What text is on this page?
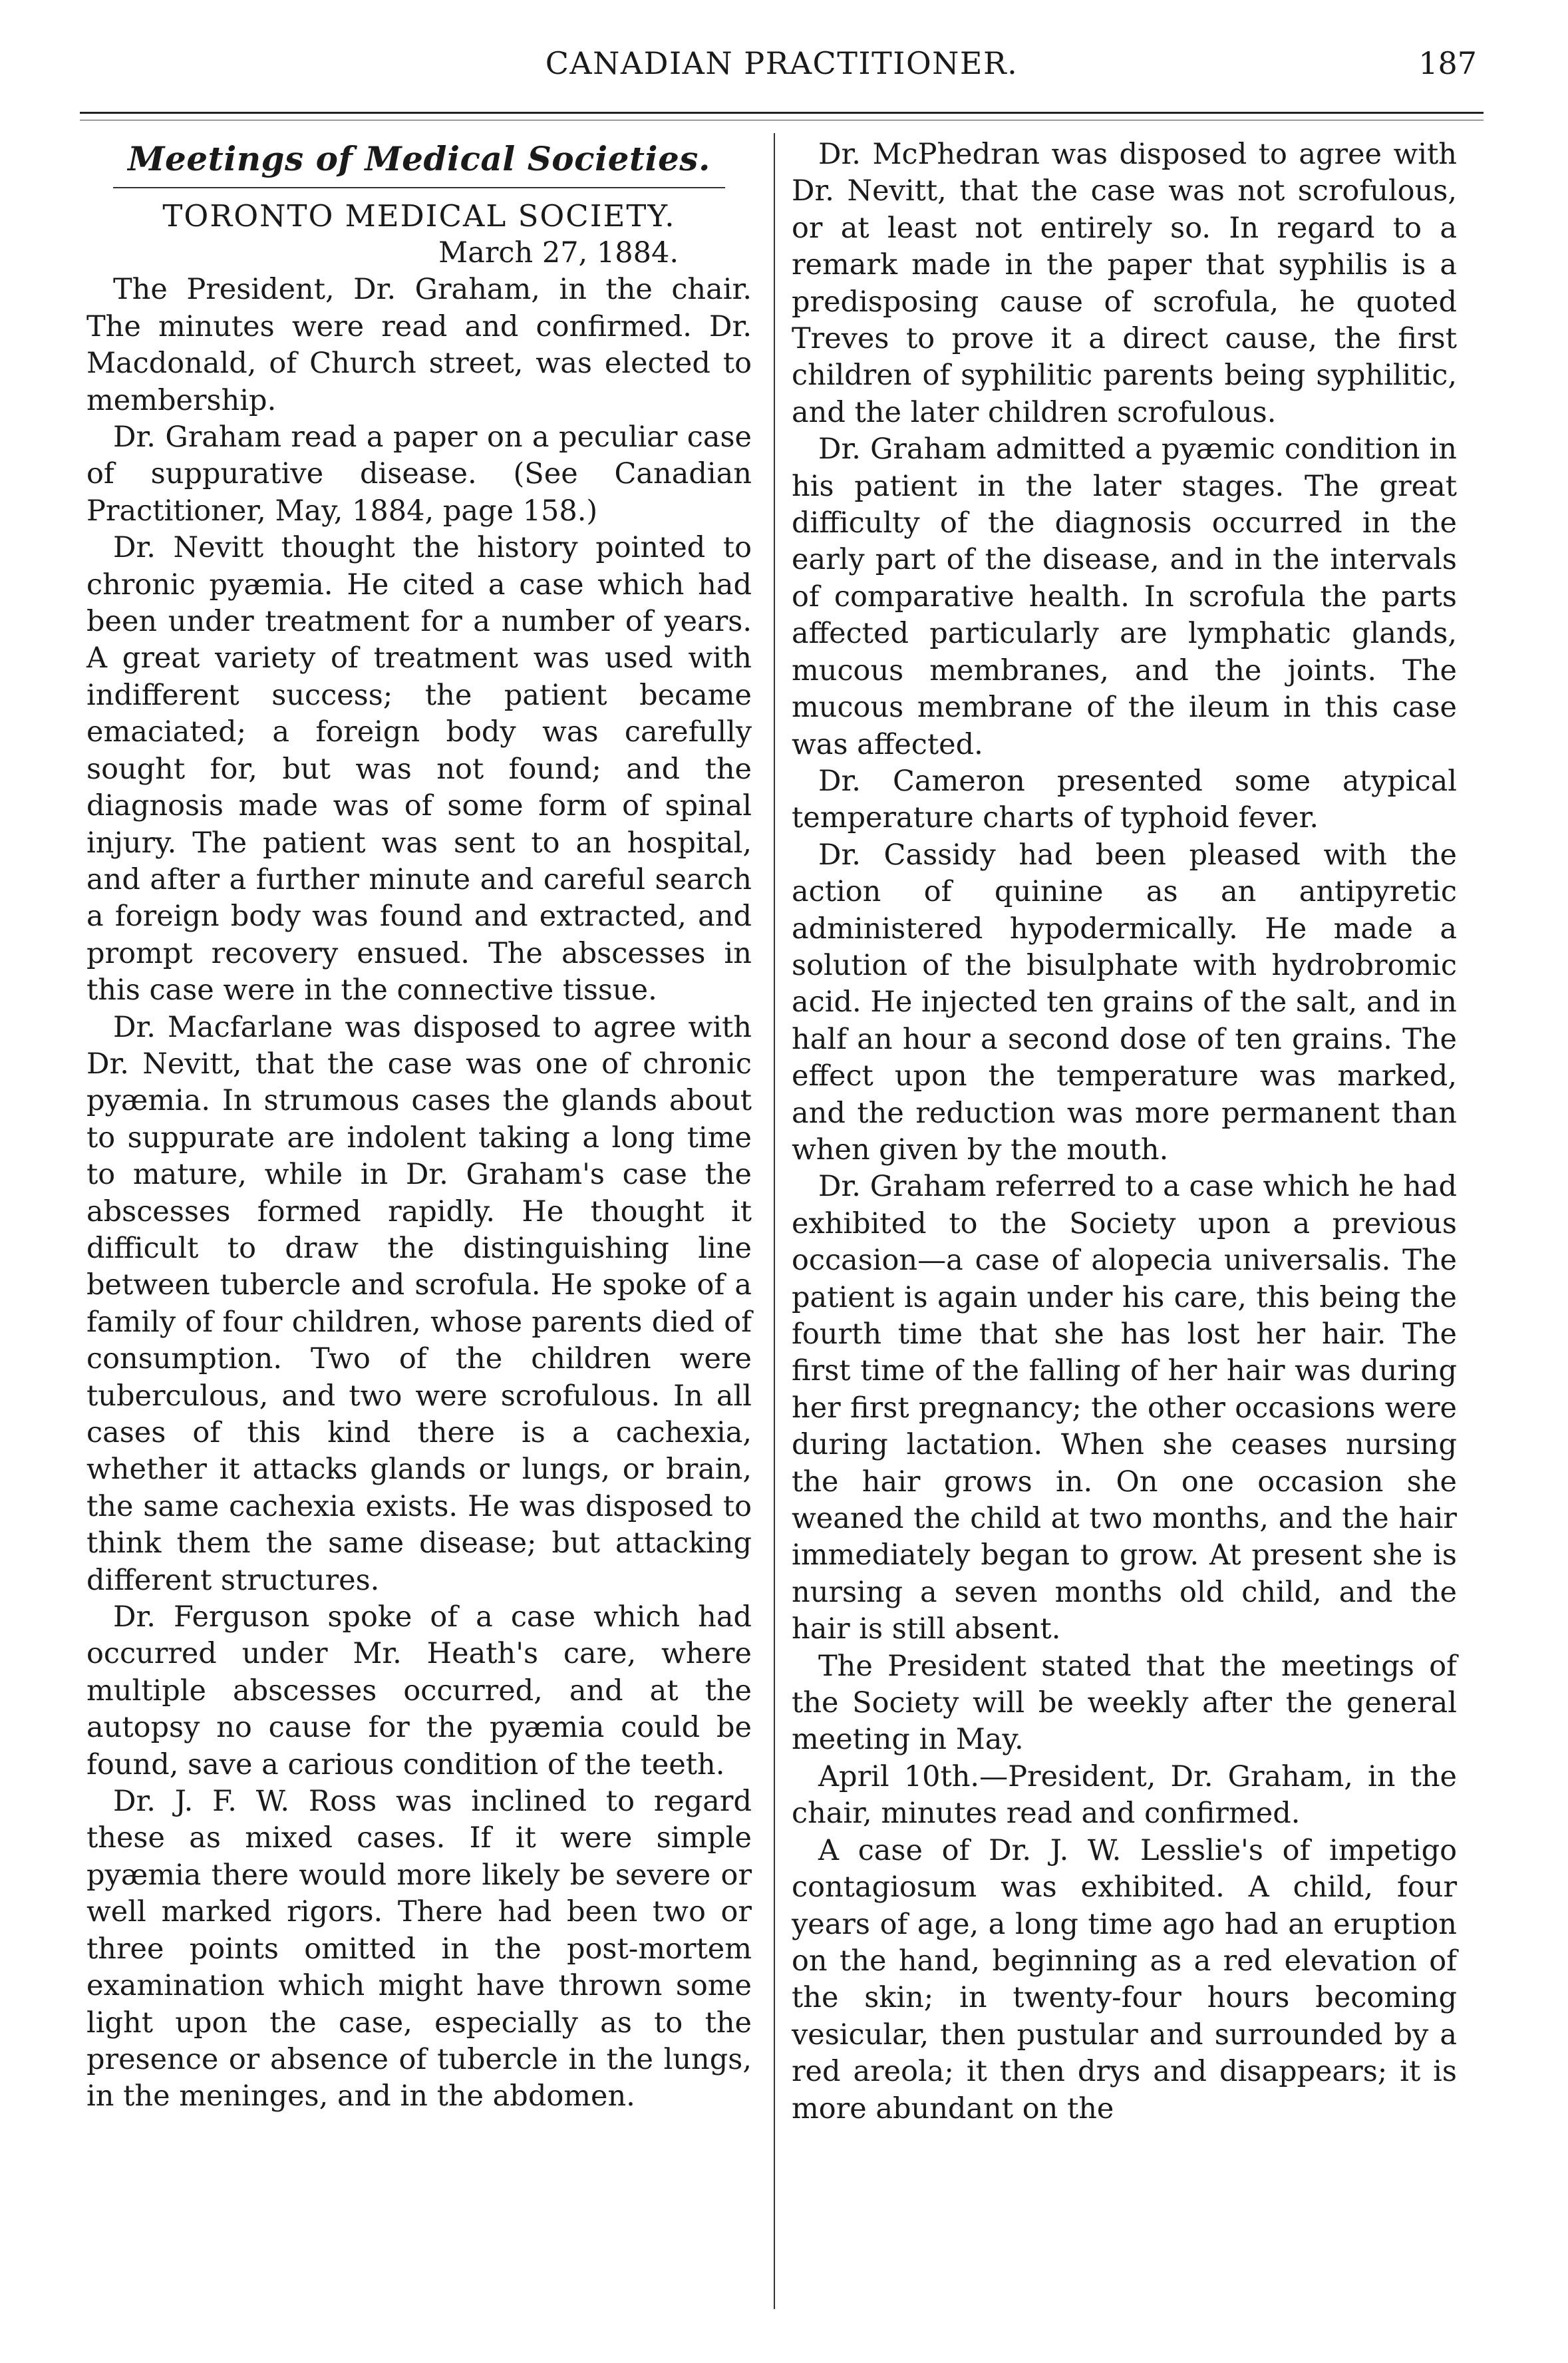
CANADIAN PRACTITIONER.	187
Meetings of Medical Societies.
TORONTO MEDICAL SOCIETY.
March 27, 1884.

The President, Dr. Graham, in the chair. The minutes were read and confirmed. Dr. Macdonald, of Church street, was elected to membership.

Dr. Graham read a paper on a peculiar case of suppurative disease. (See Canadian Practitioner, May, 1884, page 158.)

Dr. Nevitt thought the history pointed to chronic pyæmia. He cited a case which had been under treatment for a number of years. A great variety of treatment was used with indifferent success; the patient became emaciated; a foreign body was carefully sought for, but was not found; and the diagnosis made was of some form of spinal injury. The patient was sent to an hospital, and after a further minute and careful search a foreign body was found and extracted, and prompt recovery ensued. The abscesses in this case were in the connective tissue.

Dr. Macfarlane was disposed to agree with Dr. Nevitt, that the case was one of chronic pyæmia. In strumous cases the glands about to suppurate are indolent taking a long time to mature, while in Dr. Graham's case the abscesses formed rapidly. He thought it difficult to draw the distinguishing line between tubercle and scrofula. He spoke of a family of four children, whose parents died of consumption. Two of the children were tuberculous, and two were scrofulous. In all cases of this kind there is a cachexia, whether it attacks glands or lungs, or brain, the same cachexia exists. He was disposed to think them the same disease; but attacking different structures.

Dr. Ferguson spoke of a case which had occurred under Mr. Heath's care, where multiple abscesses occurred, and at the autopsy no cause for the pyæmia could be found, save a carious condition of the teeth.

Dr. J. F. W. Ross was inclined to regard these as mixed cases. If it were simple pyæmia there would more likely be severe or well marked rigors. There had been two or three points omitted in the post-mortem examination which might have thrown some light upon the case, especially as to the presence or absence of tubercle in the lungs, in the meninges, and in the abdomen.

Dr. McPhedran was disposed to agree with Dr. Nevitt, that the case was not scrofulous, or at least not entirely so. In regard to a remark made in the paper that syphilis is a predisposing cause of scrofula, he quoted Treves to prove it a direct cause, the first children of syphilitic parents being syphilitic, and the later children scrofulous.

Dr. Graham admitted a pyæmic condition in his patient in the later stages. The great difficulty of the diagnosis occurred in the early part of the disease, and in the intervals of comparative health. In scrofula the parts affected particularly are lymphatic glands, mucous membranes, and the joints. The mucous membrane of the ileum in this case was affected.

Dr. Cameron presented some atypical temperature charts of typhoid fever.

Dr. Cassidy had been pleased with the action of quinine as an antipyretic administered hypodermically. He made a solution of the bisulphate with hydrobromic acid. He injected ten grains of the salt, and in half an hour a second dose of ten grains. The effect upon the temperature was marked, and the reduction was more permanent than when given by the mouth.

Dr. Graham referred to a case which he had exhibited to the Society upon a previous occasion—a case of alopecia universalis. The patient is again under his care, this being the fourth time that she has lost her hair. The first time of the falling of her hair was during her first pregnancy; the other occasions were during lactation. When she ceases nursing the hair grows in. On one occasion she weaned the child at two months, and the hair immediately began to grow. At present she is nursing a seven months old child, and the hair is still absent.

The President stated that the meetings of the Society will be weekly after the general meeting in May.

April 10th.—President, Dr. Graham, in the chair, minutes read and confirmed.

A case of Dr. J. W. Lesslie's of impetigo contagiosum was exhibited. A child, four years of age, a long time ago had an eruption on the hand, beginning as a red elevation of the skin; in twenty-four hours becoming vesicular, then pustular and surrounded by a red areola; it then drys and disappears; it is more abundant on the
